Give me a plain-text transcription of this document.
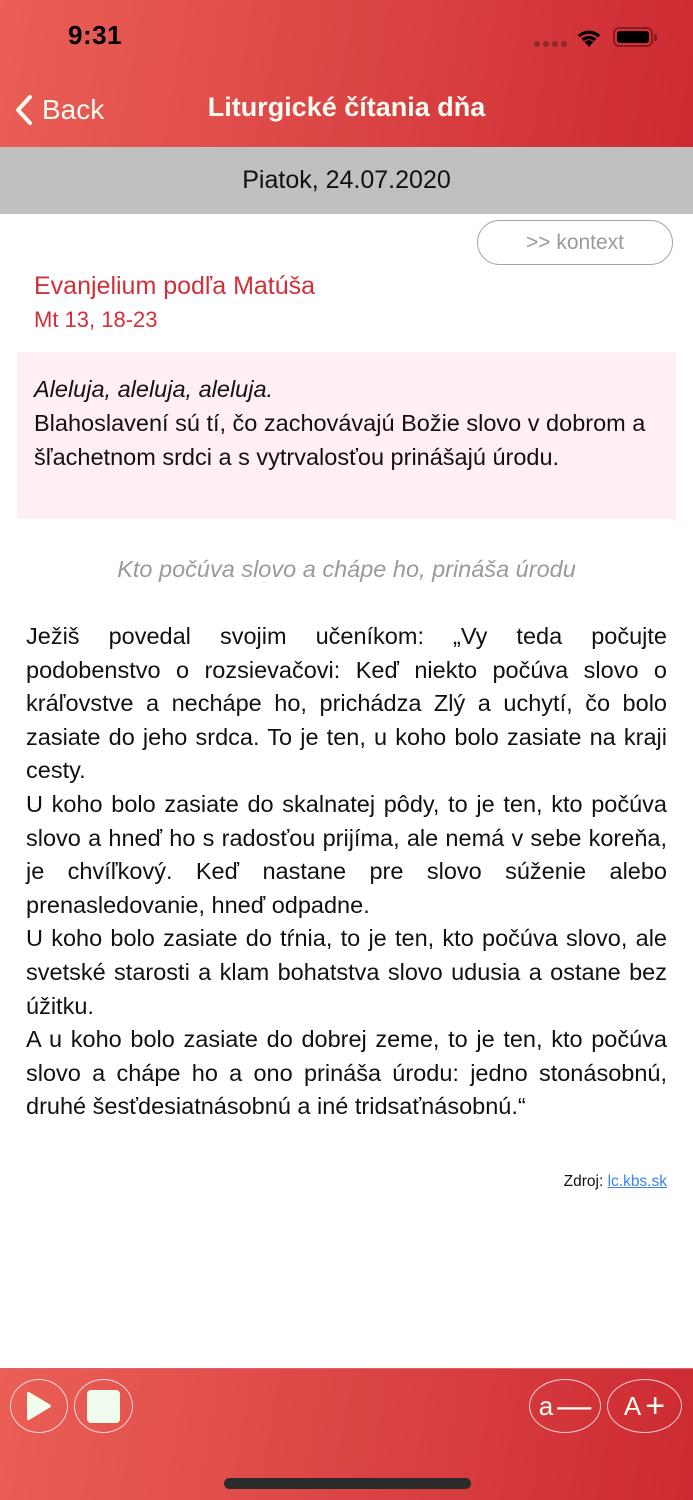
9:31
Back	Liturgické čítania dňa
Piatok, 24.07.2020
>> kontext
Evanjelium podľa Matúša
Mt 13, 18-23
Aleluja, aleluja, aleluja.
Blahoslavení sú tí, čo zachovávajú Božie slovo v dobrom a šľachetnom srdci a s vytrvalosťou prinášajú úrodu.
Kto počúva slovo a chápe ho, prináša úrodu

Ježiš povedal svojim učeníkom: „Vy teda počujte podobenstvo o rozsievačovi: Keď niekto počúva slovo o kráľovstve a nechápe ho, prichádza Zlý a uchytí, čo bolo zasiate do jeho srdca. To je ten, u koho bolo zasiate na kraji cesty.

U koho bolo zasiate do skalnatej pôdy, to je ten, kto počúva slovo a hneď ho s radosťou prijíma, ale nemá v sebe koreňa, je chvíľkový. Keď nastane pre slovo súženie alebo prenasledovanie, hneď odpadne.

U koho bolo zasiate do tŕnia, to je ten, kto počúva slovo, ale svetské starosti a klam bohatstva slovo udusia a ostane bez úžitku.

A u koho bolo zasiate do dobrej zeme, to je ten, kto počúva slovo a chápe ho a ono prináša úrodu: jedno stonásobnú, druhé šesťdesiatnásobnú a iné tridsaťnásobnú.“

Zdroj: lc.kbs.sk
a — A +
